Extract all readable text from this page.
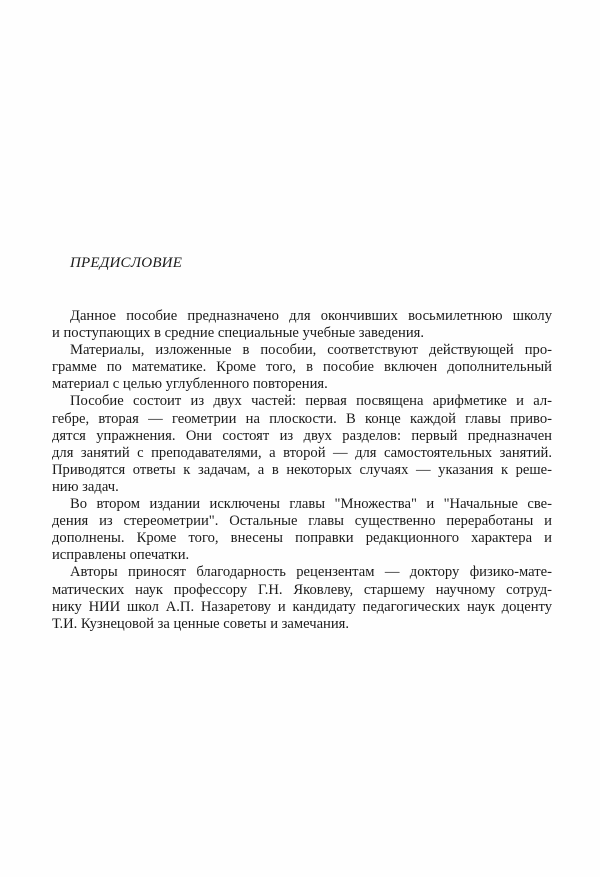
ПРЕДИСЛОВИЕ
Данное пособие предназначено для окончивших восьмилетнюю школу
и поступающих в средние специальные учебные заведения.
Материалы, изложенные в пособии, соответствуют действующей про-
грамме по математике. Кроме того, в пособие включен дополнительный
материал с целью углубленного повторения.
Пособие состоит из двух частей: первая посвящена арифметике и ал-
гебре, вторая — геометрии на плоскости. В конце каждой главы приво-
дятся упражнения. Они состоят из двух разделов: первый предназначен
для занятий с преподавателями, а второй — для самостоятельных занятий.
Приводятся ответы к задачам, а в некоторых случаях — указания к реше-
нию задач.
Во втором издании исключены главы "Множества" и "Начальные све-
дения из стереометрии". Остальные главы существенно переработаны и
дополнены. Кроме того, внесены поправки редакционного характера и
исправлены опечатки.
Авторы приносят благодарность рецензентам — доктору физико-мате-
матических наук профессору Г.Н. Яковлеву, старшему научному сотруд-
нику НИИ школ А.П. Назаретову и кандидату педагогических наук доценту
Т.И. Кузнецовой за ценные советы и замечания.
